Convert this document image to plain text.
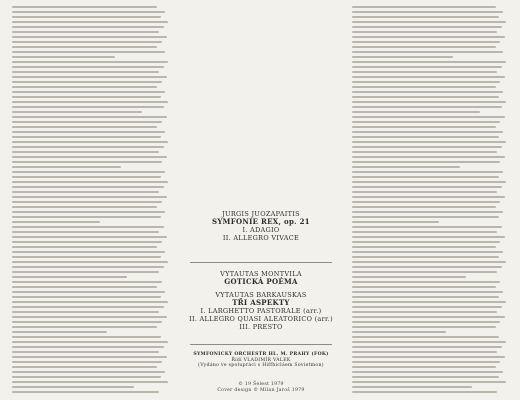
JURGIS JUOZAPAITIS

SYMFONIE REX, op. 21

I. ADAGIO

II. ALLEGRO VIVACE

VYTAUTAS MONTVILA

GOTICKÁ POÉMA

VYTAUTAS BARKAUSKAS

TŘI ASPEKTY

I. LARGHETTO PASTORALE (arr.)

II. ALLEGRO QUASI ALEATORICO (arr.)

III. PRESTO

SYMFONICKÝ ORCHESTR HL. M. PRAHY (FOK)

Řídí VLADIMÍR VÁLEK

(Vydáno ve spolupráci s Hiffhicláem Sovietmon)

© 19 Šelest 1979

Cover design © Milan Jaroš 1979
